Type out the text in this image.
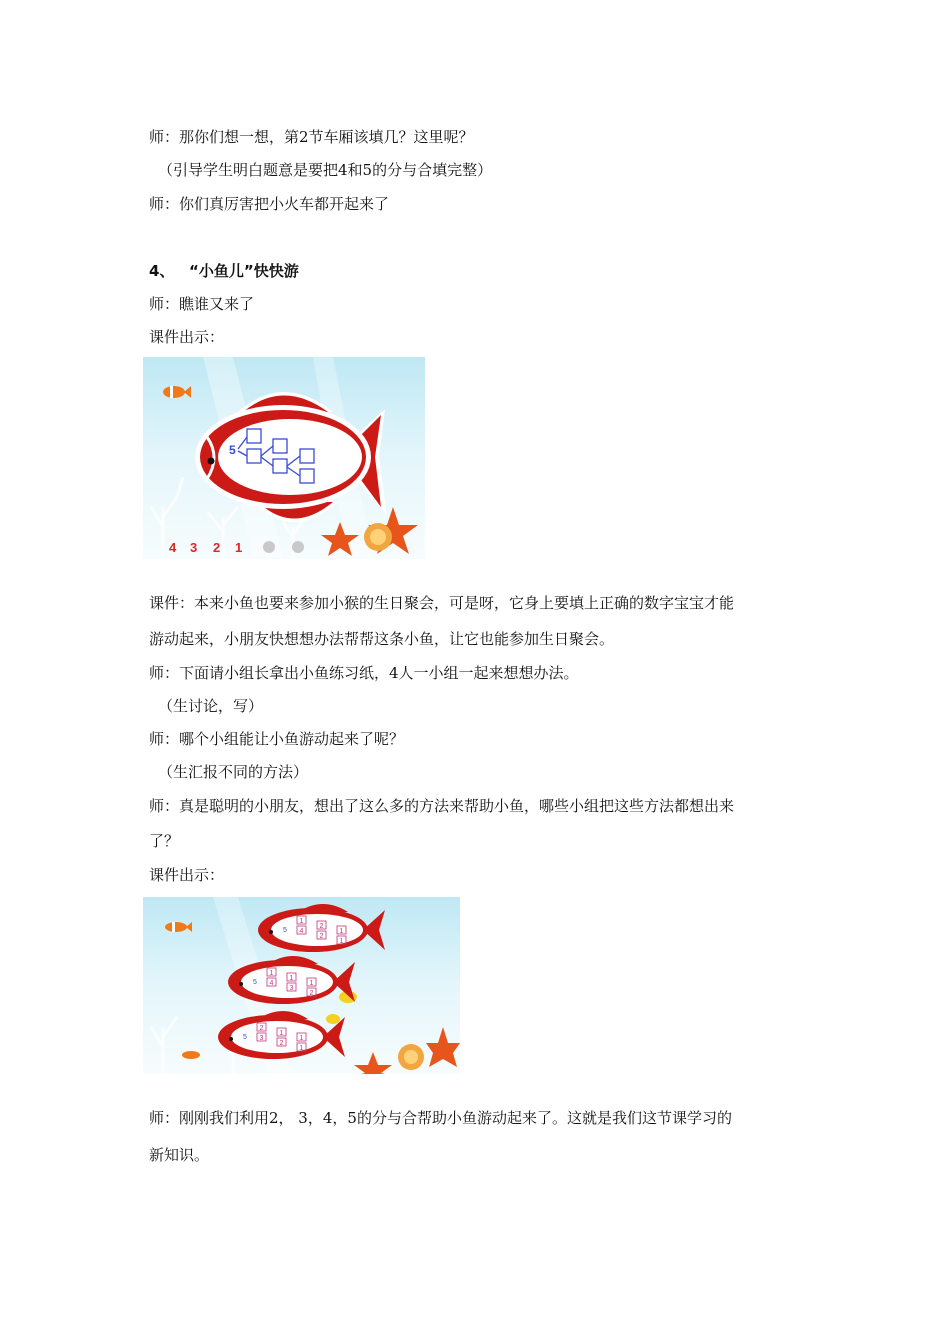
师：那你们想一想，第2节车厢该填几？这里呢？
（引导学生明白题意是要把4和5的分与合填完整）
师：你们真厉害把小火车都开起来了
4、 “小鱼儿”快快游
师：瞧谁又来了
课件出示：
5
4 3 2 1
课件：本来小鱼也要来参加小猴的生日聚会，可是呀，它身上要填上正确的数字宝宝才能
游动起来，小朋友快想想办法帮帮这条小鱼，让它也能参加生日聚会。
师：下面请小组长拿出小鱼练习纸，4人一小组一起来想想办法。
（生讨论，写）
师：哪个小组能让小鱼游动起来了呢？
（生汇报不同的方法）
师：真是聪明的小朋友，想出了这么多的方法来帮助小鱼，哪些小组把这些方法都想出来
了？
课件出示：
5
1
4
2
2
1
1
5
1
4
1
3
1
2
5
2
3
1
2
1
1
师：刚刚我们利用2， 3，4，5的分与合帮助小鱼游动起来了。这就是我们这节课学习的
新知识。
